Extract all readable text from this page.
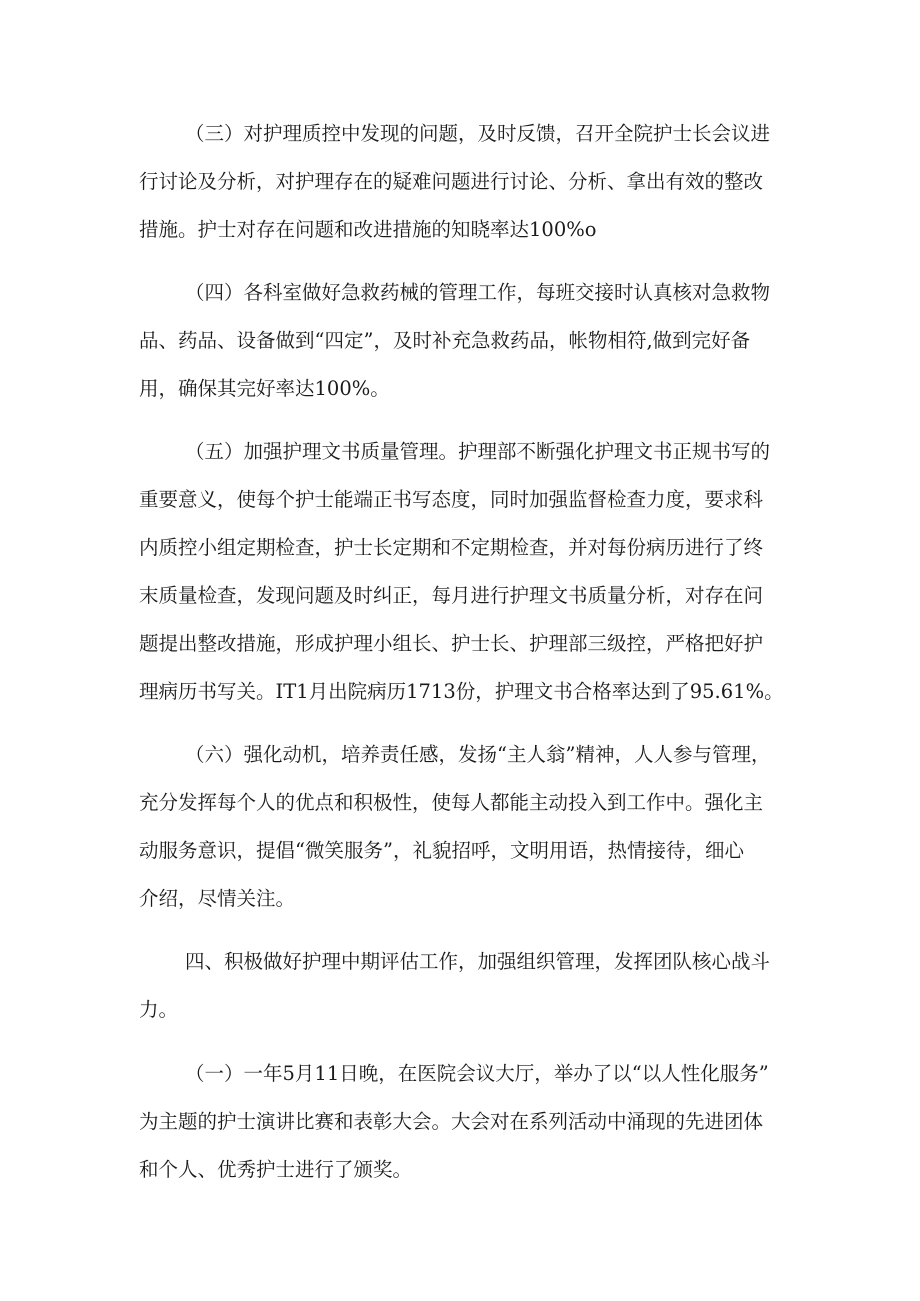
（三）对护理质控中发现的问题，及时反馈，召开全院护士长会议进
行讨论及分析，对护理存在的疑难问题进行讨论、分析、拿出有效的整改
措施。护士对存在问题和改进措施的知晓率达100%o
（四）各科室做好急救药械的管理工作，每班交接时认真核对急救物
品、药品、设备做到“四定”，及时补充急救药品，帐物相符,做到完好备
用，确保其完好率达100%。
（五）加强护理文书质量管理。护理部不断强化护理文书正规书写的
重要意义，使每个护士能端正书写态度，同时加强监督检查力度，要求科
内质控小组定期检查，护士长定期和不定期检查，并对每份病历进行了终
末质量检查，发现问题及时纠正，每月进行护理文书质量分析，对存在问
题提出整改措施，形成护理小组长、护士长、护理部三级控，严格把好护
理病历书写关。IT1月出院病历1713份，护理文书合格率达到了95.61%。
（六）强化动机，培养责任感，发扬“主人翁”精神，人人参与管理，
充分发挥每个人的优点和积极性，使每人都能主动投入到工作中。强化主
动服务意识，提倡“微笑服务”，礼貌招呼，文明用语，热情接待，细心
介绍，尽情关注。
四、积极做好护理中期评估工作，加强组织管理，发挥团队核心战斗
力。
（一）一年5月11日晚，在医院会议大厅，举办了以“以人性化服务”
为主题的护士演讲比赛和表彰大会。大会对在系列活动中涌现的先进团体
和个人、优秀护士进行了颁奖。
